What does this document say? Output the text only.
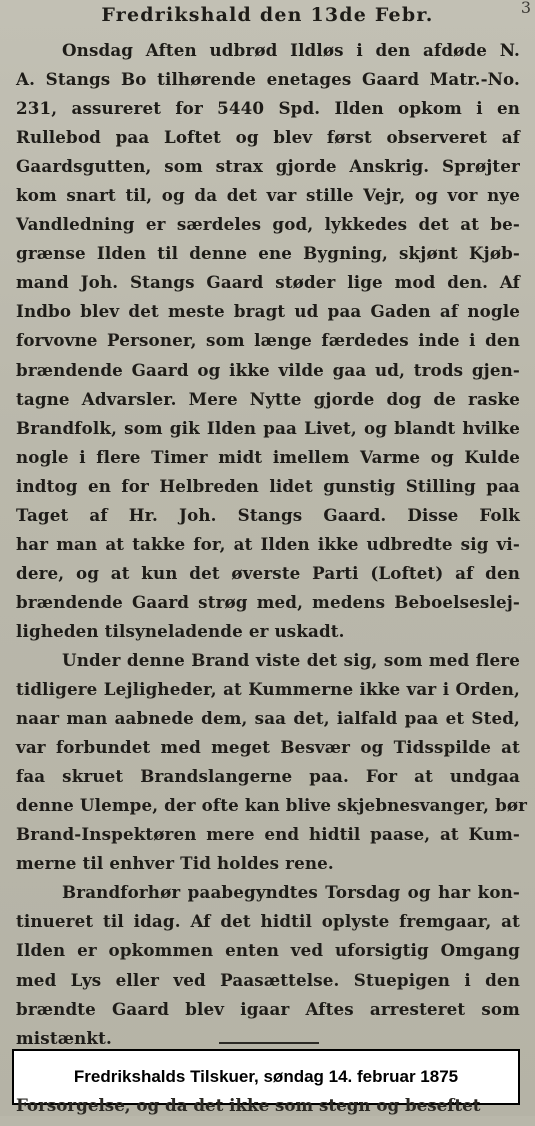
Fredrikshald den 13de Febr.	3
Onsdag Aften udbrød Ildløs i den afdøde N.
A. Stangs Bo tilhørende enetages Gaard Matr.-No.
231, assureret for 5440 Spd. Ilden opkom i en
Rullebod paa Loftet og blev først observeret af
Gaardsgutten, som strax gjorde Anskrig. Sprøjter
kom snart til, og da det var stille Vejr, og vor nye
Vandledning er særdeles god, lykkedes det at be-
grænse Ilden til denne ene Bygning, skjønt Kjøb-
mand Joh. Stangs Gaard støder lige mod den. Af
Indbo blev det meste bragt ud paa Gaden af nogle
forvovne Personer, som længe færdedes inde i den
brændende Gaard og ikke vilde gaa ud, trods gjen-
tagne Advarsler. Mere Nytte gjorde dog de raske
Brandfolk, som gik Ilden paa Livet, og blandt hvilke
nogle i flere Timer midt imellem Varme og Kulde
indtog en for Helbreden lidet gunstig Stilling paa
Taget af Hr. Joh. Stangs Gaard. Disse Folk
har man at takke for, at Ilden ikke udbredte sig vi-
dere, og at kun det øverste Parti (Loftet) af den
brændende Gaard strøg med, medens Beboelseslej-
ligheden tilsyneladende er uskadt.
Under denne Brand viste det sig, som med flere
tidligere Lejligheder, at Kummerne ikke var i Orden,
naar man aabnede dem, saa det, ialfald paa et Sted,
var forbundet med meget Besvær og Tidsspilde at
faa skruet Brandslangerne paa. For at undgaa
denne Ulempe, der ofte kan blive skjebnesvanger, bør
Brand-Inspektøren mere end hidtil paase, at Kum-
merne til enhver Tid holdes rene.
Brandforhør paabegyndtes Torsdag og har kon-
tinueret til idag. Af det hidtil oplyste fremgaar, at
Ilden er opkommen enten ved uforsigtig Omgang
med Lys eller ved Paasættelse. Stuepigen i den
brændte Gaard blev igaar Aftes arresteret som
mistænkt.
Fredrikshalds Tilskuer, søndag 14. februar 1875
Forsorgelse, og da det ikke som stegn og beseftet
